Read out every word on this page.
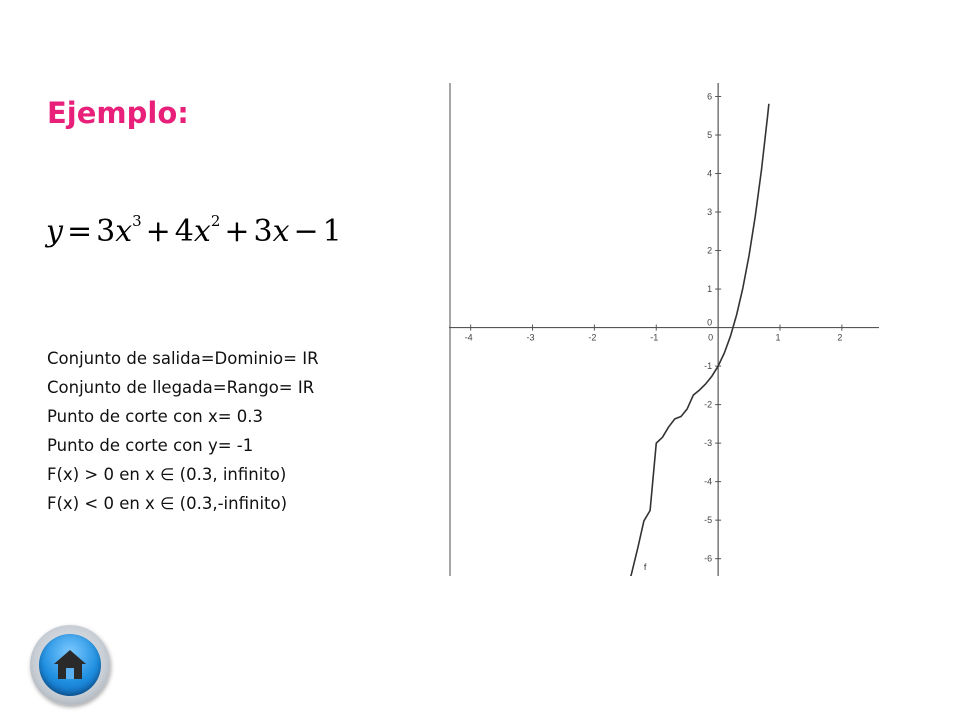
Ejemplo:
$y = 3x^3 + 4x^2 + 3x - 1$
Conjunto de salida=Dominio= IR
Conjunto de llegada=Rango= IR
Punto de corte con x= 0.3
Punto de corte con y= -1
F(x) > 0 en x ∈ (0.3, infinito)
F(x) < 0 en x ∈ (0.3,-infinito)
-4	-3	-2	-1	0	1	2
-6
-5
-4
-3
-2
-1
1
2
3
4
5
6
0
f
